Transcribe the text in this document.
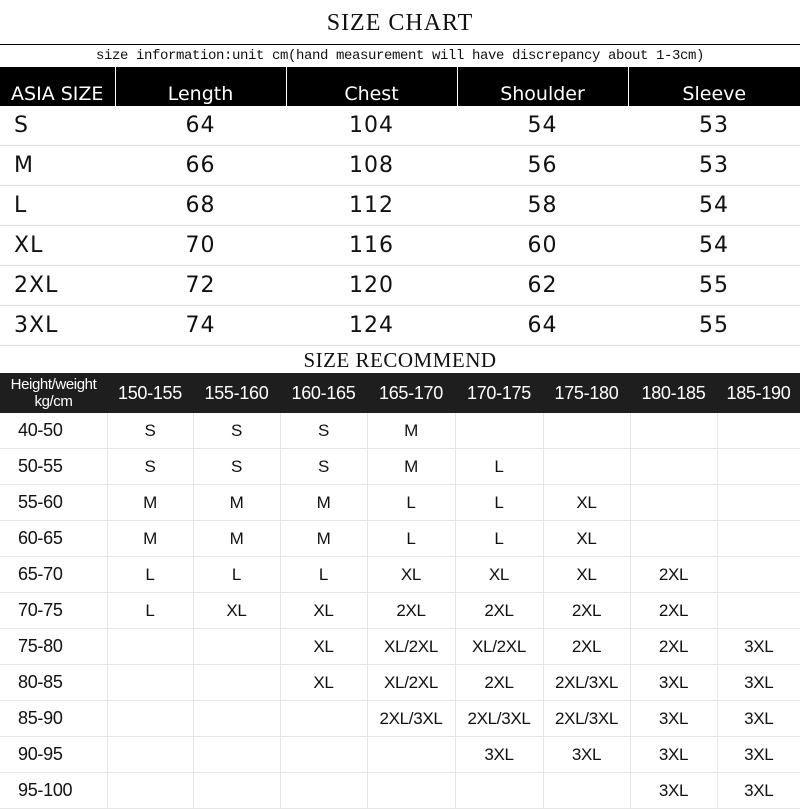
SIZE CHART
size information:unit cm(hand measurement will have discrepancy about 1-3cm)
ASIA SIZE	Length	Chest	Shoulder	Sleeve
S	64	104	54	53
M	66	108	56	53
L	68	112	58	54
XL	70	116	60	54
2XL	72	120	62	55
3XL	74	124	64	55
SIZE RECOMMEND
Height/weight
kg/cm	150-155	155-160	160-165	165-170	170-175	175-180	180-185	185-190
40-50	S	S	S	M				
50-55	S	S	S	M	L			
55-60	M	M	M	L	L	XL		
60-65	M	M	M	L	L	XL		
65-70	L	L	L	XL	XL	XL	2XL	
70-75	L	XL	XL	2XL	2XL	2XL	2XL	
75-80			XL	XL/2XL	XL/2XL	2XL	2XL	3XL
80-85			XL	XL/2XL	2XL	2XL/3XL	3XL	3XL
85-90				2XL/3XL	2XL/3XL	2XL/3XL	3XL	3XL
90-95					3XL	3XL	3XL	3XL
95-100							3XL	3XL
